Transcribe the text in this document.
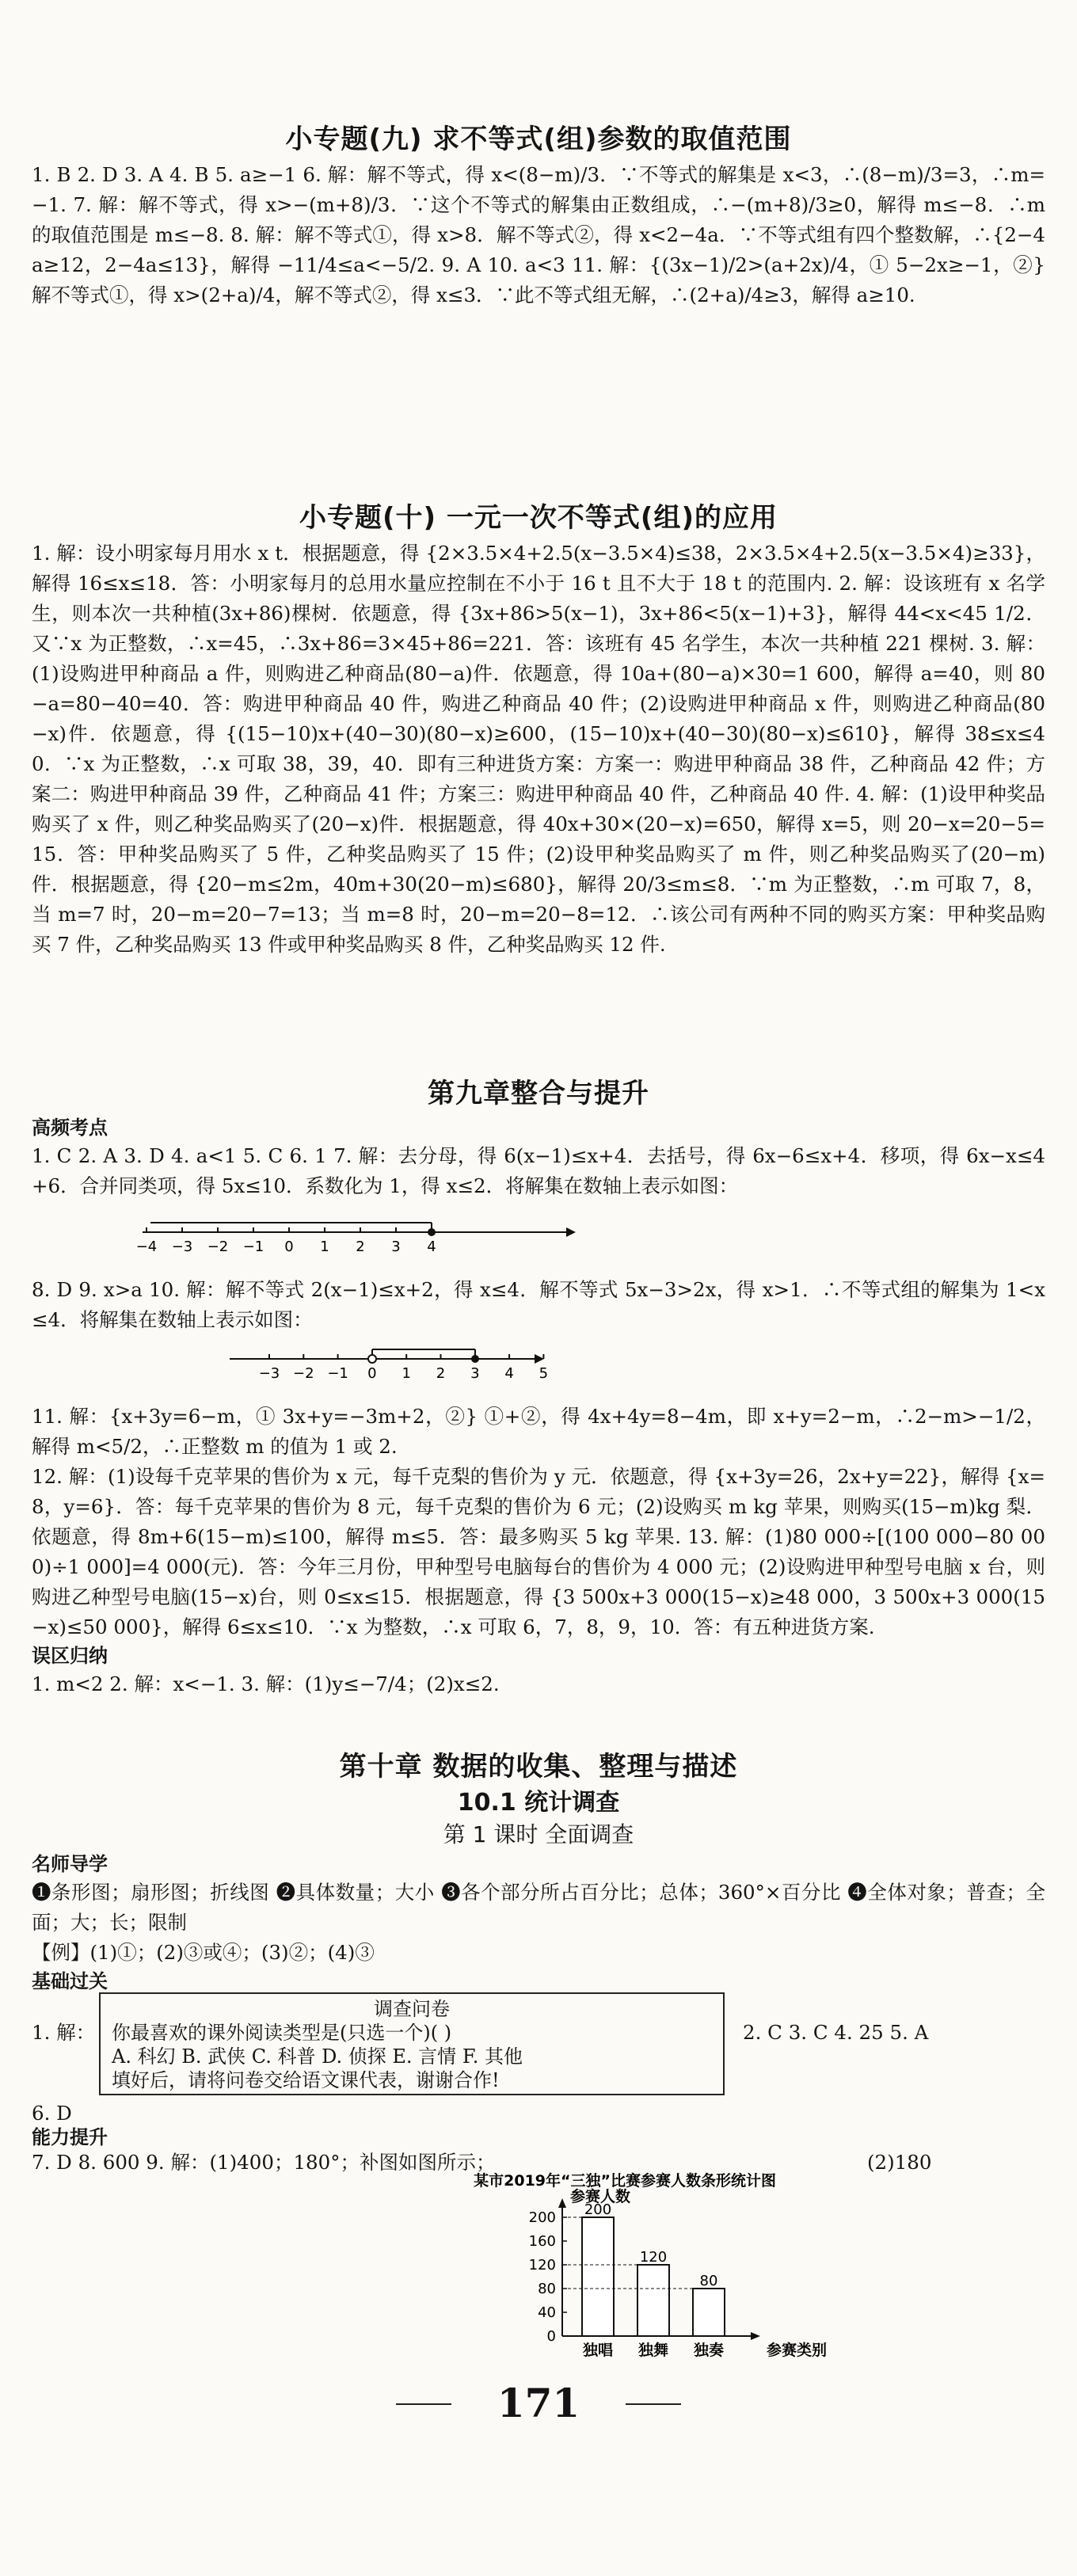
小专题(九) 求不等式(组)参数的取值范围

1. B 2. D 3. A 4. B 5. a≥−1 6. 解：解不等式，得 x<(8−m)/3．∵不等式的解集是 x<3，∴(8−m)/3=3，∴m=−1. 7. 解：解不等式，得 x>−(m+8)/3．∵这个不等式的解集由正数组成，∴−(m+8)/3≥0，解得 m≤−8．∴m 的取值范围是 m≤−8. 8. 解：解不等式①，得 x>8．解不等式②，得 x<2−4a．∵不等式组有四个整数解，∴{2−4a≥12，2−4a≤13}，解得 −11/4≤a<−5/2. 9. A 10. a<3 11. 解：{(3x−1)/2>(a+2x)/4，① 5−2x≥−1，②} 解不等式①，得 x>(2+a)/4，解不等式②，得 x≤3．∵此不等式组无解，∴(2+a)/4≥3，解得 a≥10.

小专题(十) 一元一次不等式(组)的应用

1. 解：设小明家每月用水 x t．根据题意，得 {2×3.5×4+2.5(x−3.5×4)≤38，2×3.5×4+2.5(x−3.5×4)≥33}，解得 16≤x≤18．答：小明家每月的总用水量应控制在不小于 16 t 且不大于 18 t 的范围内. 2. 解：设该班有 x 名学生，则本次一共种植(3x+86)棵树．依题意，得 {3x+86>5(x−1)，3x+86<5(x−1)+3}，解得 44<x<45 1/2．又∵x 为正整数，∴x=45，∴3x+86=3×45+86=221．答：该班有 45 名学生，本次一共种植 221 棵树. 3. 解：(1)设购进甲种商品 a 件，则购进乙种商品(80−a)件．依题意，得 10a+(80−a)×30=1 600，解得 a=40，则 80−a=80−40=40．答：购进甲种商品 40 件，购进乙种商品 40 件；(2)设购进甲种商品 x 件，则购进乙种商品(80−x)件．依题意，得 {(15−10)x+(40−30)(80−x)≥600，(15−10)x+(40−30)(80−x)≤610}，解得 38≤x≤40．∵x 为正整数，∴x 可取 38，39，40．即有三种进货方案：方案一：购进甲种商品 38 件，乙种商品 42 件；方案二：购进甲种商品 39 件，乙种商品 41 件；方案三：购进甲种商品 40 件，乙种商品 40 件. 4. 解：(1)设甲种奖品购买了 x 件，则乙种奖品购买了(20−x)件．根据题意，得 40x+30×(20−x)=650，解得 x=5，则 20−x=20−5=15．答：甲种奖品购买了 5 件，乙种奖品购买了 15 件；(2)设甲种奖品购买了 m 件，则乙种奖品购买了(20−m)件．根据题意，得 {20−m≤2m，40m+30(20−m)≤680}，解得 20/3≤m≤8．∵m 为正整数，∴m 可取 7，8，当 m=7 时，20−m=20−7=13；当 m=8 时，20−m=20−8=12．∴该公司有两种不同的购买方案：甲种奖品购买 7 件，乙种奖品购买 13 件或甲种奖品购买 8 件，乙种奖品购买 12 件.

第九章整合与提升
高频考点

1. C 2. A 3. D 4. a<1 5. C 6. 1 7. 解：去分母，得 6(x−1)≤x+4．去括号，得 6x−6≤x+4．移项，得 6x−x≤4+6．合并同类项，得 5x≤10．系数化为 1，得 x≤2．将解集在数轴上表示如图：

−4 −3 −2 −1 0 1 2 3 4

8. D 9. x>a 10. 解：解不等式 2(x−1)≤x+2，得 x≤4．解不等式 5x−3>2x，得 x>1．∴不等式组的解集为 1<x≤4．将解集在数轴上表示如图：

−3 −2 −1 0 1 2 3 4 5

11. 解：{x+3y=6−m，① 3x+y=−3m+2，②} ①+②，得 4x+4y=8−4m，即 x+y=2−m，∴2−m>−1/2，解得 m<5/2，∴正整数 m 的值为 1 或 2.

12. 解：(1)设每千克苹果的售价为 x 元，每千克梨的售价为 y 元．依题意，得 {x+3y=26，2x+y=22}，解得 {x=8，y=6}．答：每千克苹果的售价为 8 元，每千克梨的售价为 6 元；(2)设购买 m kg 苹果，则购买(15−m)kg 梨．依题意，得 8m+6(15−m)≤100，解得 m≤5．答：最多购买 5 kg 苹果. 13. 解：(1)80 000÷[(100 000−80 000)÷1 000]=4 000(元)．答：今年三月份，甲种型号电脑每台的售价为 4 000 元；(2)设购进甲种型号电脑 x 台，则购进乙种型号电脑(15−x)台，则 0≤x≤15．根据题意，得 {3 500x+3 000(15−x)≥48 000，3 500x+3 000(15−x)≤50 000}，解得 6≤x≤10．∵x 为整数，∴x 可取 6，7，8，9，10．答：有五种进货方案.

误区归纳

1. m<2 2. 解：x<−1. 3. 解：(1)y≤−7/4；(2)x≤2.

第十章 数据的收集、整理与描述
10.1 统计调查
第 1 课时 全面调查
名师导学

❶条形图；扇形图；折线图 ❷具体数量；大小 ❸各个部分所占百分比；总体；360°×百分比 ❹全体对象；普查；全面；大；长；限制

【例】(1)①；(2)③或④；(3)②；(4)③

基础过关
1. 解：
调查问卷
你最喜欢的课外阅读类型是(只选一个)( )
A. 科幻 B. 武侠 C. 科普 D. 侦探 E. 言情 F. 其他
填好后，请将问卷交给语文课代表，谢谢合作!
2. C 3. C 4. 25 5. A
6. D
能力提升
7. D 8. 600 9. 解：(1)400；180°；补图如图所示；	(2)180
某市2019年“三独”比赛参赛人数条形统计图
参赛人数
参赛类别
0
40
80
120
160
200 200
独唱
120
独舞
80
独奏
171
